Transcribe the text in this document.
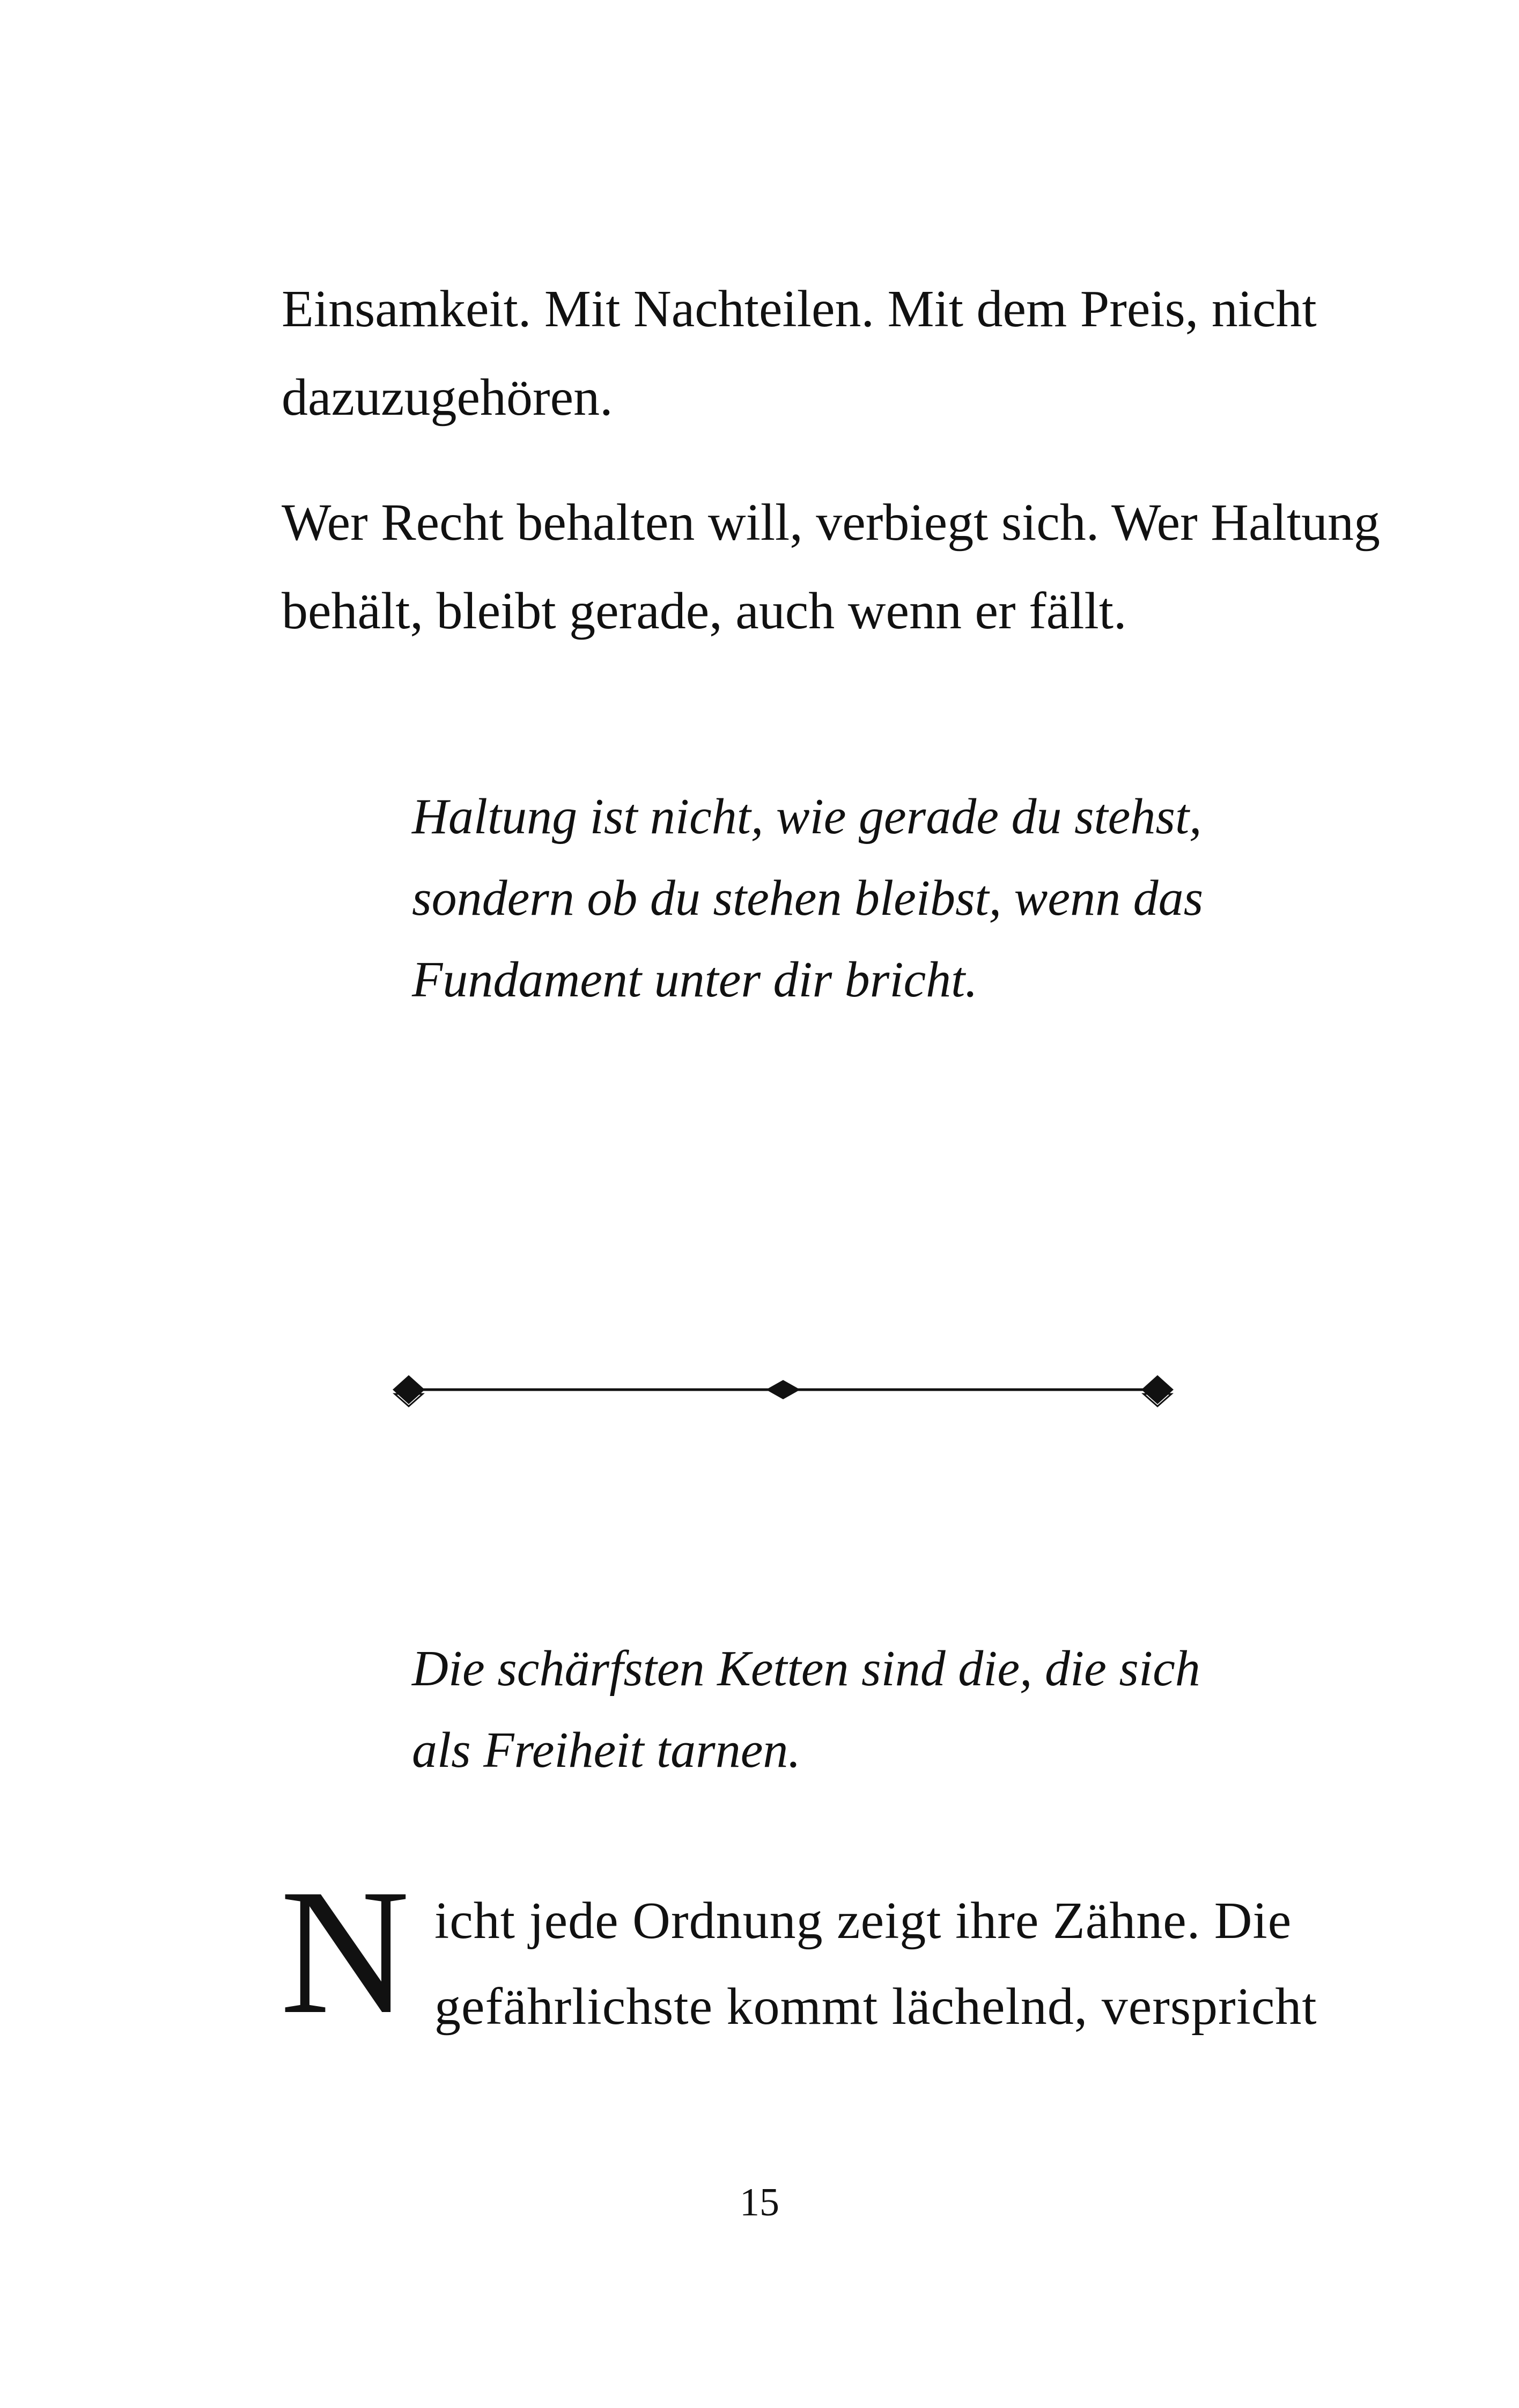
Einsamkeit. Mit Nachteilen. Mit dem Preis, nicht
dazuzugehören.

Wer Recht behalten will, verbiegt sich. Wer Haltung
behält, bleibt gerade, auch wenn er fällt.

Haltung ist nicht, wie gerade du stehst,
sondern ob du stehen bleibst, wenn das
Fundament unter dir bricht.

Die schärfsten Ketten sind die, die sich
als Freiheit tarnen.

N icht jede Ordnung zeigt ihre Zähne. Die
gefährlichste kommt lächelnd, verspricht
15
